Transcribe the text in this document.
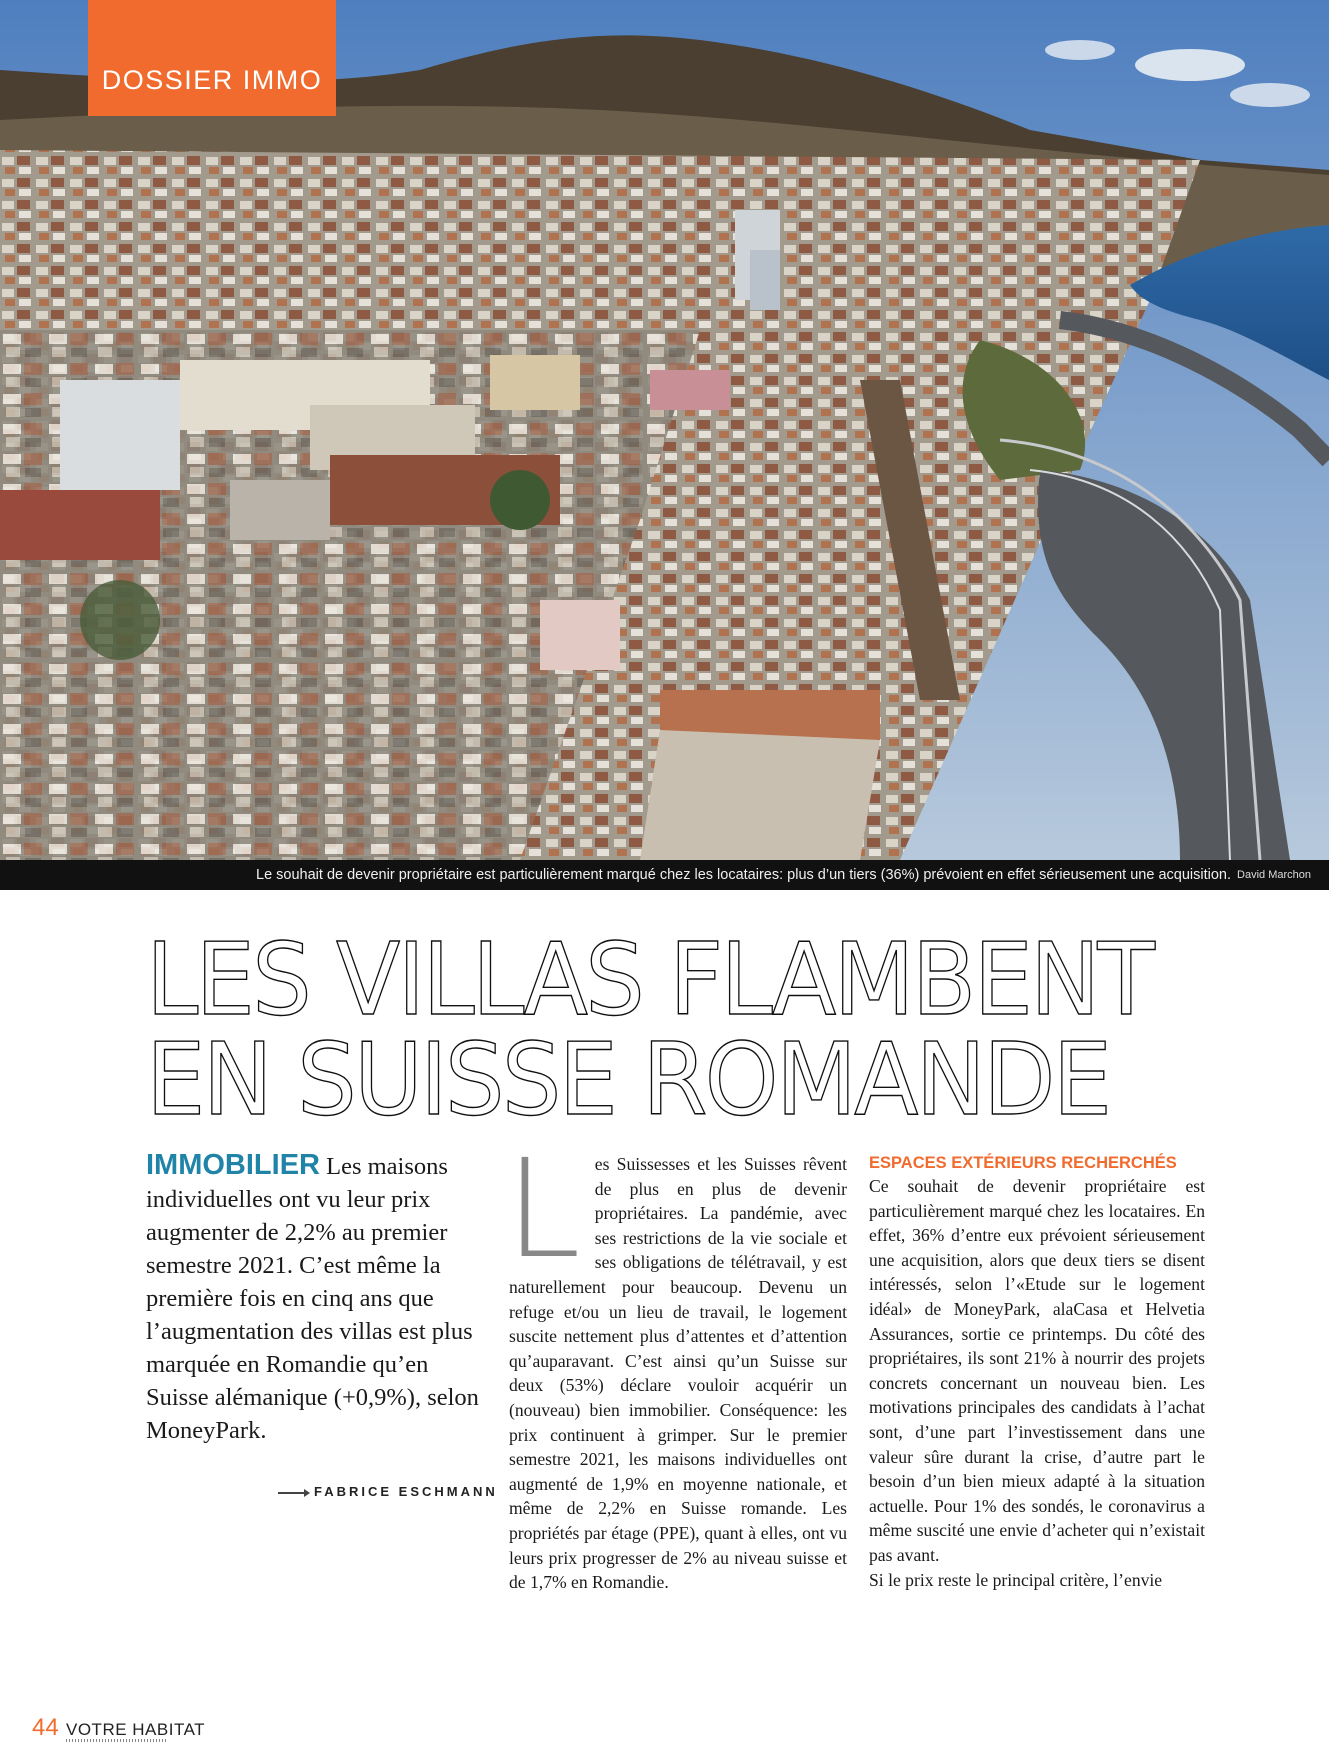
DOSSIER IMMO
Le souhait de devenir propriétaire est particulièrement marqué chez les locataires: plus d’un tiers (36%) prévoient en effet sérieusement une acquisition. David Marchon
LES VILLAS FLAMBENT
EN SUISSE ROMANDE
IMMOBILIER Les maisons individuelles ont vu leur prix augmenter de 2,2% au premier semestre 2021. C’est même la première fois en cinq ans que l’augmentation des villas est plus marquée en Romandie qu’en Suisse alémanique (+0,9%), selon MoneyPark.
FABRICE ESCHMANN
Les Suissesses et les Suisses rêvent de plus en plus de devenir propriétaires. La pandémie, avec ses restrictions de la vie sociale et ses obligations de télétravail, y est naturellement pour beaucoup. Devenu un refuge et/ou un lieu de travail, le logement suscite nettement plus d’attentes et d’attention qu’auparavant. C’est ainsi qu’un Suisse sur deux (53%) déclare vouloir acquérir un (nouveau) bien immobilier. Conséquence: les prix continuent à grimper. Sur le premier semestre 2021, les maisons individuelles ont augmenté de 1,9% en moyenne nationale, et même de 2,2% en Suisse romande. Les propriétés par étage (PPE), quant à elles, ont vu leurs prix progresser de 2% au niveau suisse et de 1,7% en Romandie.
ESPACES EXTÉRIEURS RECHERCHÉS
Ce souhait de devenir propriétaire est particulièrement marqué chez les locataires. En effet, 36% d’entre eux prévoient sérieusement une acquisition, alors que deux tiers se disent intéressés, selon l’«Etude sur le logement idéal» de MoneyPark, alaCasa et Helvetia Assurances, sortie ce printemps. Du côté des propriétaires, ils sont 21% à nourrir des projets concrets concernant un nouveau bien. Les motivations principales des candidats à l’achat sont, d’une part l’investissement dans une valeur sûre durant la crise, d’autre part le besoin d’un bien mieux adapté à la situation actuelle. Pour 1% des sondés, le coronavirus a même suscité une envie d’acheter qui n’existait pas avant.
Si le prix reste le principal critère, l’envie
44 VOTRE HABITAT
